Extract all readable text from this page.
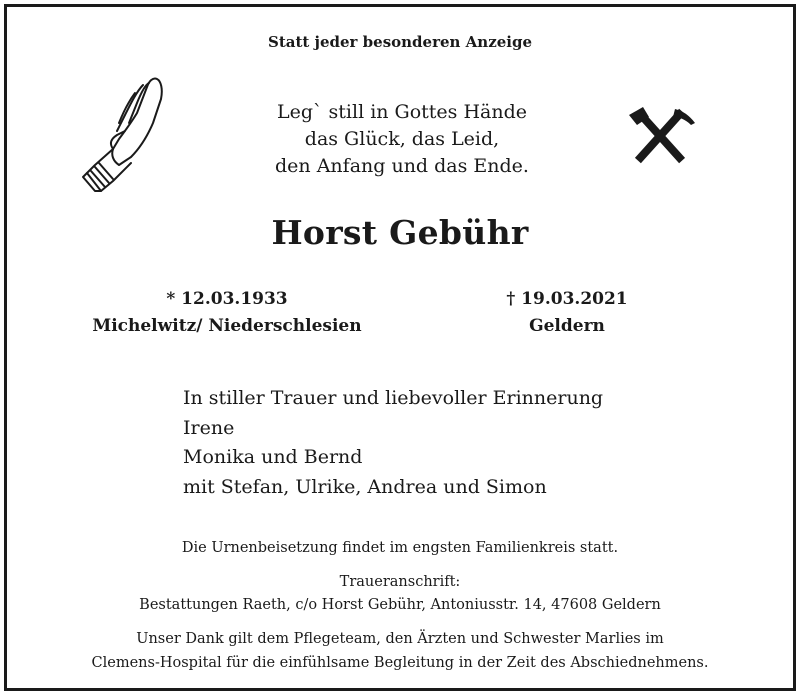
Statt jeder besonderen Anzeige
Leg` still in Gottes Hände
das Glück, das Leid,
den Anfang und das Ende.
Horst Gebühr
* 12.03.1933
Michelwitz/ Niederschlesien
† 19.03.2021
Geldern
In stiller Trauer und liebevoller Erinnerung
Irene
Monika und Bernd
mit Stefan, Ulrike, Andrea und Simon
Die Urnenbeisetzung findet im engsten Familienkreis statt.
Traueranschrift:
Bestattungen Raeth, c/o Horst Gebühr, Antoniusstr. 14, 47608 Geldern
Unser Dank gilt dem Pflegeteam, den Ärzten und Schwester Marlies im
Clemens-Hospital für die einfühlsame Begleitung in der Zeit des Abschiednehmens.
